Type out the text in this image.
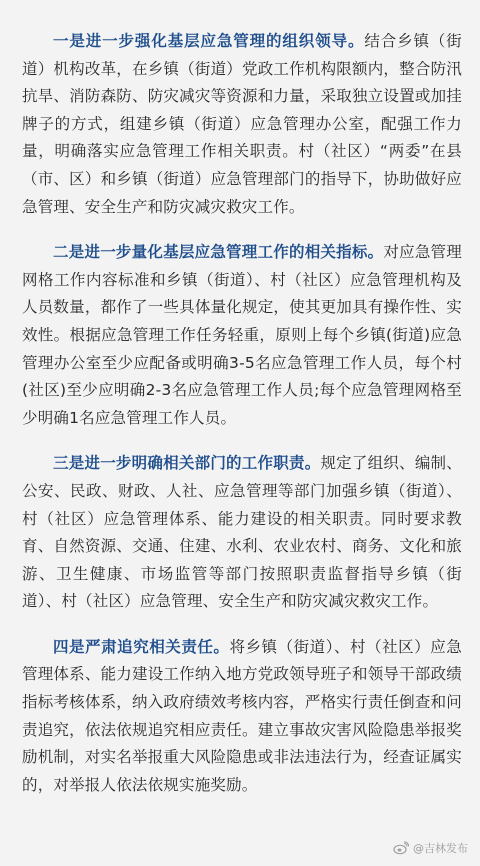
一是进一步强化基层应急管理的组织领导。结合乡镇（街道）机构改革，在乡镇（街道）党政工作机构限额内，整合防汛抗旱、消防森防、防灾减灾等资源和力量，采取独立设置或加挂牌子的方式，组建乡镇（街道）应急管理办公室，配强工作力量，明确落实应急管理工作相关职责。村（社区）“两委”在县（市、区）和乡镇（街道）应急管理部门的指导下，协助做好应急管理、安全生产和防灾减灾救灾工作。

二是进一步量化基层应急管理工作的相关指标。对应急管理网格工作内容标准和乡镇（街道）、村（社区）应急管理机构及人员数量，都作了一些具体量化规定，使其更加具有操作性、实效性。根据应急管理工作任务轻重，原则上每个乡镇(街道)应急管理办公室至少应配备或明确3-5名应急管理工作人员，每个村(社区)至少应明确2-3名应急管理工作人员;每个应急管理网格至少明确1名应急管理工作人员。

三是进一步明确相关部门的工作职责。规定了组织、编制、公安、民政、财政、人社、应急管理等部门加强乡镇（街道）、村（社区）应急管理体系、能力建设的相关职责。同时要求教育、自然资源、交通、住建、水利、农业农村、商务、文化和旅游、卫生健康、市场监管等部门按照职责监督指导乡镇（街道）、村（社区）应急管理、安全生产和防灾减灾救灾工作。

四是严肃追究相关责任。将乡镇（街道）、村（社区）应急管理体系、能力建设工作纳入地方党政领导班子和领导干部政绩指标考核体系，纳入政府绩效考核内容，严格实行责任倒查和问责追究，依法依规追究相应责任。建立事故灾害风险隐患举报奖励机制，对实名举报重大风险隐患或非法违法行为，经查证属实的，对举报人依法依规实施奖励。

@吉林发布
